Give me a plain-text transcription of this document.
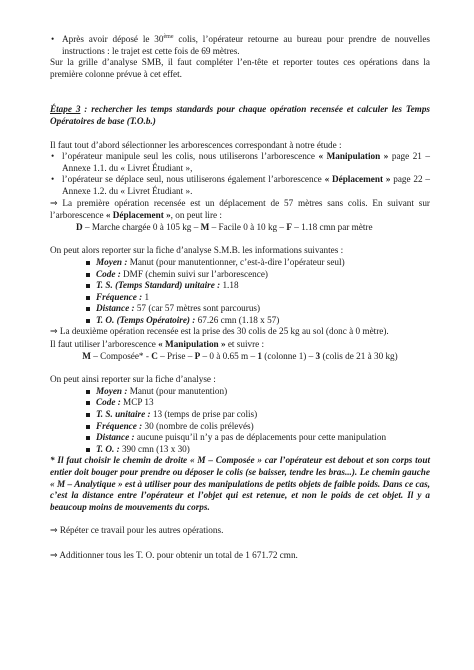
• Après avoir déposé le 30ème colis, l’opérateur retourne au bureau pour prendre de nouvelles instructions : le trajet est cette fois de 69 mètres.

Sur la grille d’analyse SMB, il faut compléter l’en-tête et reporter toutes ces opérations dans la première colonne prévue à cet effet.

Étape 3 : rechercher les temps standards pour chaque opération recensée et calculer les Temps Opératoires de base (T.O.b.)

Il faut tout d’abord sélectionner les arborescences correspondant à notre étude :

• l’opérateur manipule seul les colis, nous utiliserons l’arborescence « Manipulation » page 21 – Annexe 1.1. du « Livret Étudiant »,
• l’opérateur se déplace seul, nous utiliserons également l’arborescence « Déplacement » page 22 – Annexe 1.2. du « Livret Étudiant ».

⇒ La première opération recensée est un déplacement de 57 mètres sans colis. En suivant sur l’arborescence « Déplacement », on peut lire :

D – Marche chargée 0 à 105 kg – M – Facile 0 à 10 kg – F – 1.18 cmn par mètre

On peut alors reporter sur la fiche d’analyse S.M.B. les informations suivantes :

Moyen : Manut (pour manutentionner, c’est-à-dire l’opérateur seul)
Code : DMF (chemin suivi sur l’arborescence)
T. S. (Temps Standard) unitaire : 1.18
Fréquence : 1
Distance : 57 (car 57 mètres sont parcourus)
T. O. (Temps Opératoire) : 67.26 cmn (1.18 x 57)

⇒ La deuxième opération recensée est la prise des 30 colis de 25 kg au sol (donc à 0 mètre).

Il faut utiliser l’arborescence « Manipulation » et suivre :

M – Composée* - C – Prise – P – 0 à 0.65 m – 1 (colonne 1) – 3 (colis de 21 à 30 kg)

On peut ainsi reporter sur la fiche d’analyse :

Moyen : Manut (pour manutention)
Code : MCP 13
T. S. unitaire : 13 (temps de prise par colis)
Fréquence : 30 (nombre de colis prélevés)
Distance : aucune puisqu’il n’y a pas de déplacements pour cette manipulation
T. O. : 390 cmn (13 x 30)

* Il faut choisir le chemin de droite « M – Composée » car l’opérateur est debout et son corps tout entier doit bouger pour prendre ou déposer le colis (se baisser, tendre les bras...). Le chemin gauche « M – Analytique » est à utiliser pour des manipulations de petits objets de faible poids. Dans ce cas, c’est la distance entre l’opérateur et l’objet qui est retenue, et non le poids de cet objet. Il y a beaucoup moins de mouvements du corps.

⇒ Répéter ce travail pour les autres opérations.

⇒ Additionner tous les T. O. pour obtenir un total de 1 671.72 cmn.
